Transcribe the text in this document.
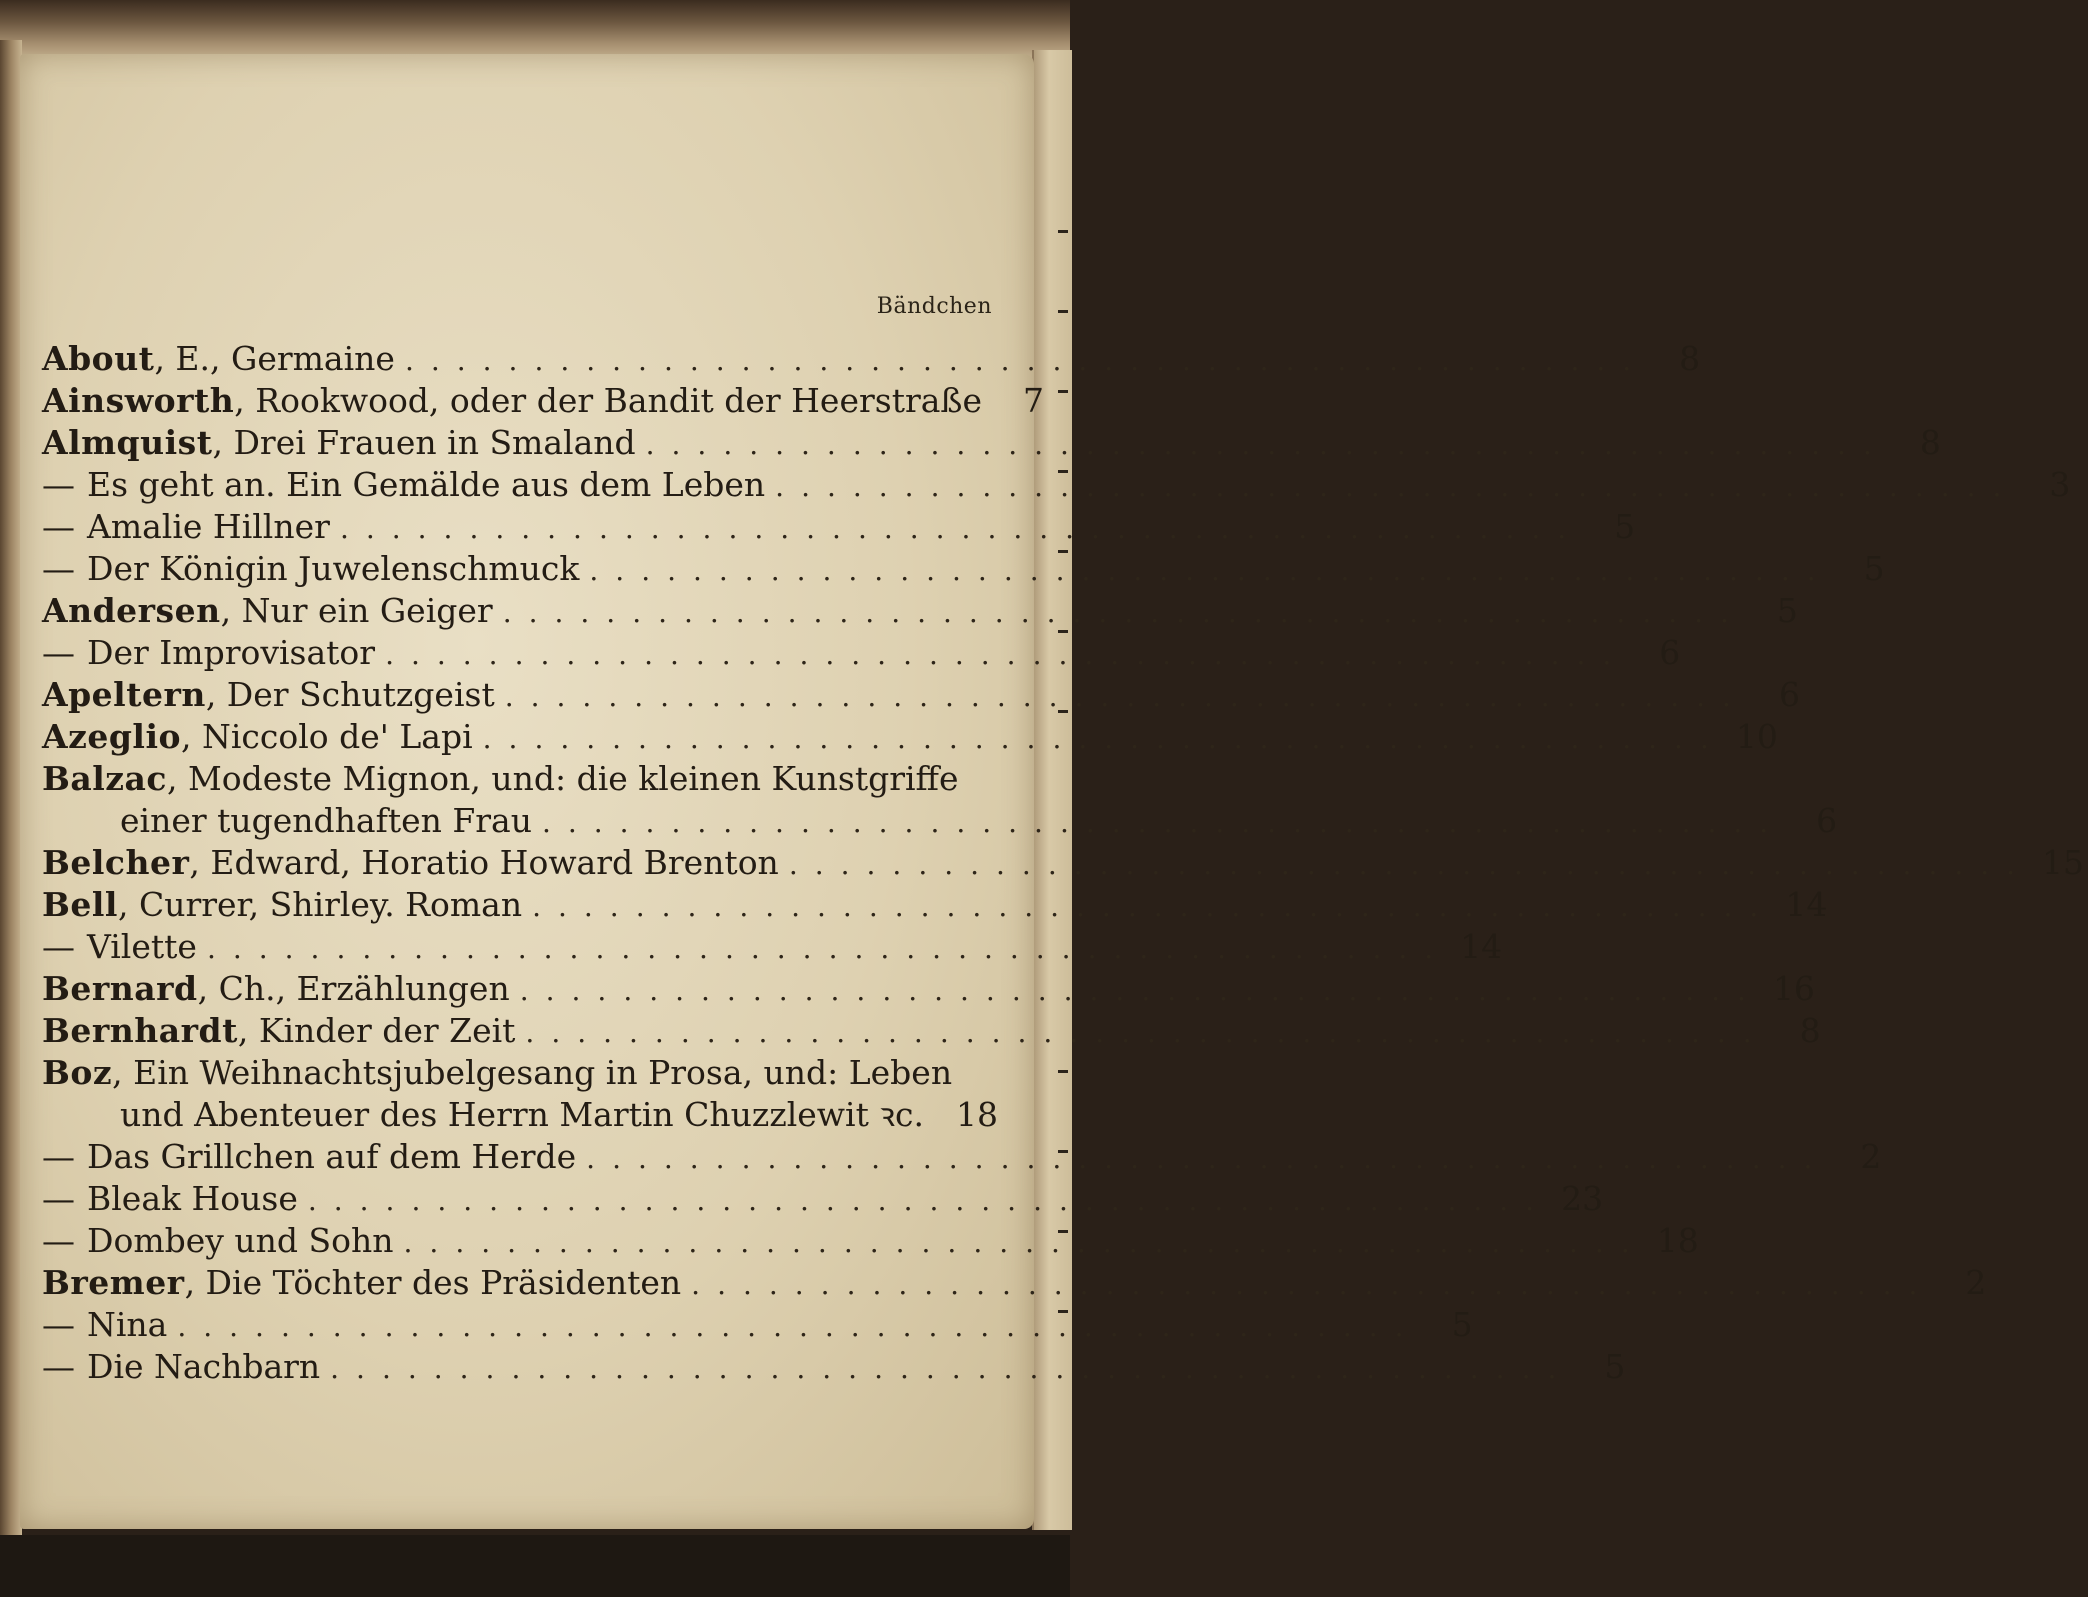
Bändchen
About, E., Germaine ................................................ 8
Ainsworth, Rookwood, oder der Bandit der Heerstraße	7
Almquist, Drei Frauen in Smaland ................................................ 8
— Es geht an. Ein Gemälde aus dem Leben ................................................ 3
— Amalie Hillner ................................................ 5
— Der Königin Juwelenschmuck ................................................ 5
Andersen, Nur ein Geiger ................................................ 5
— Der Improvisator ................................................ 6
Apeltern, Der Schutzgeist ................................................ 6
Azeglio, Niccolo de' Lapi ................................................ 10
Balzac, Modeste Mignon, und: die kleinen Kunstgriffe
einer tugendhaften Frau ................................................ 6
Belcher, Edward, Horatio Howard Brenton ................................................ 15
Bell, Currer, Shirley. Roman ................................................ 14
— Vilette ................................................ 14
Bernard, Ch., Erzählungen ................................................ 16
Bernhardt, Kinder der Zeit ................................................ 8
Boz, Ein Weihnachtsjubelgesang in Prosa, und: Leben
und Abenteuer des Herrn Martin Chuzzlewit ꝛc. 18
— Das Grillchen auf dem Herde ................................................ 2
— Bleak House ................................................ 23
— Dombey und Sohn ................................................ 18
Bremer, Die Töchter des Präsidenten ................................................ 2
— Nina ................................................ 5
— Die Nachbarn ................................................ 5
